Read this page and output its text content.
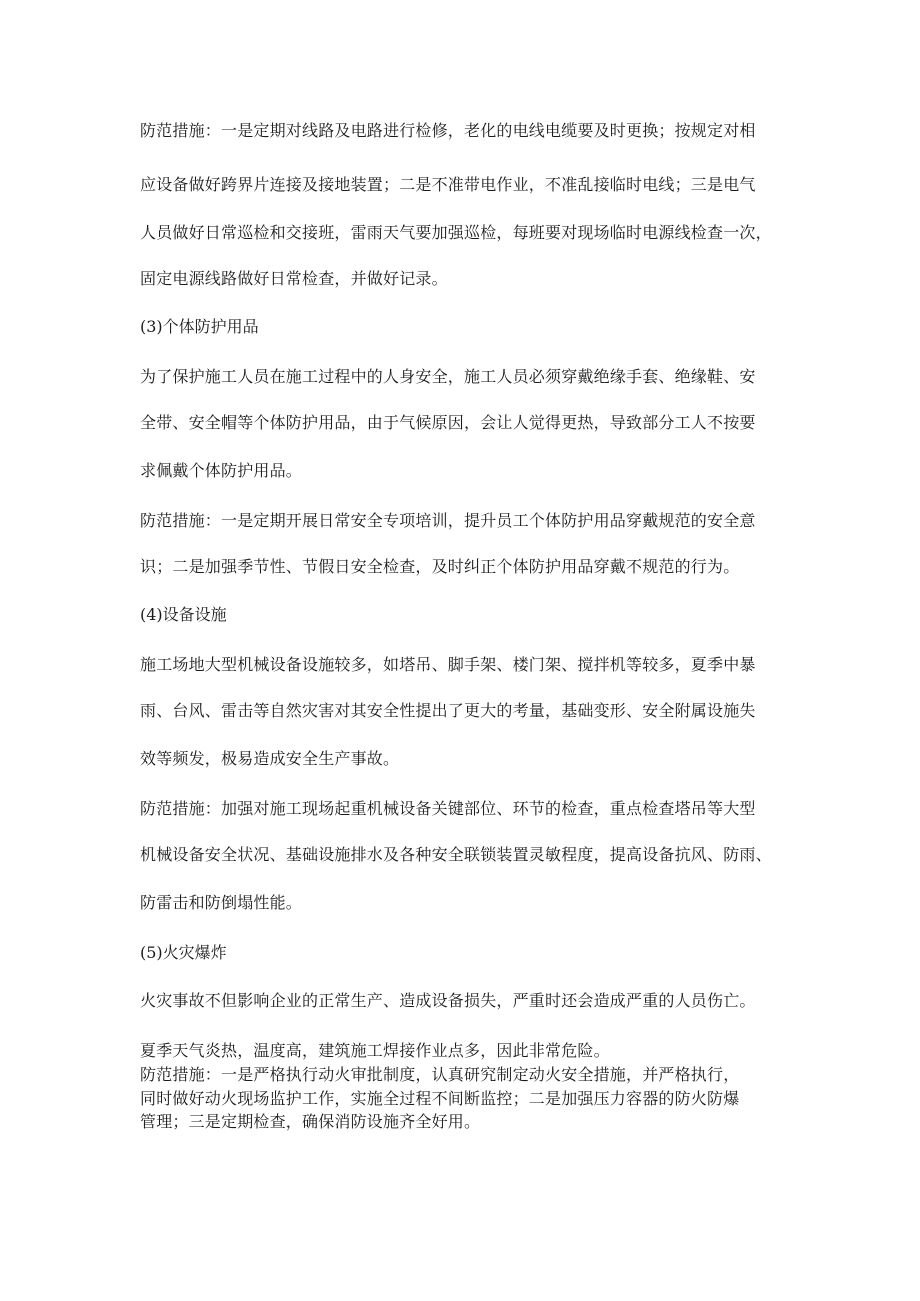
防范措施：一是定期对线路及电路进行检修，老化的电线电缆要及时更换；按规定对相

应设备做好跨界片连接及接地装置；二是不准带电作业，不准乱接临时电线；三是电气

人员做好日常巡检和交接班，雷雨天气要加强巡检，每班要对现场临时电源线检查一次，

固定电源线路做好日常检查，并做好记录。

(3)个体防护用品

为了保护施工人员在施工过程中的人身安全，施工人员必须穿戴绝缘手套、绝缘鞋、安

全带、安全帽等个体防护用品，由于气候原因，会让人觉得更热，导致部分工人不按要

求佩戴个体防护用品。

防范措施：一是定期开展日常安全专项培训，提升员工个体防护用品穿戴规范的安全意

识；二是加强季节性、节假日安全检查，及时纠正个体防护用品穿戴不规范的行为。

(4)设备设施

施工场地大型机械设备设施较多，如塔吊、脚手架、楼门架、搅拌机等较多，夏季中暴

雨、台风、雷击等自然灾害对其安全性提出了更大的考量，基础变形、安全附属设施失

效等频发，极易造成安全生产事故。

防范措施：加强对施工现场起重机械设备关键部位、环节的检查，重点检查塔吊等大型

机械设备安全状况、基础设施排水及各种安全联锁装置灵敏程度，提高设备抗风、防雨、

防雷击和防倒塌性能。

(5)火灾爆炸

火灾事故不但影响企业的正常生产、造成设备损失，严重时还会造成严重的人员伤亡。

夏季天气炎热，温度高，建筑施工焊接作业点多，因此非常危险。

防范措施：一是严格执行动火审批制度，认真研究制定动火安全措施，并严格执行，

同时做好动火现场监护工作，实施全过程不间断监控；二是加强压力容器的防火防爆

管理；三是定期检查，确保消防设施齐全好用。
